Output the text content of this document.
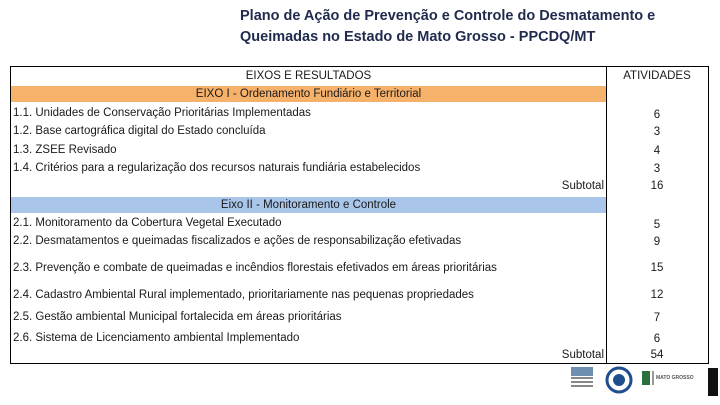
Plano de Ação de Prevenção e Controle do Desmatamento e
Queimadas no Estado de Mato Grosso - PPCDQ/MT
EIXOS E RESULTADOS	ATIVIDADES
EIXO I - Ordenamento Fundiário e Territorial
1.1. Unidades de Conservação Prioritárias Implementadas	6
1.2. Base cartográfica digital do Estado concluída	3
1.3. ZSEE Revisado	4
1.4. Critérios para a regularização dos recursos naturais fundiária estabelecidos	3
Subtotal	16
Eixo II - Monitoramento e Controle
2.1. Monitoramento da Cobertura Vegetal Executado	5
2.2. Desmatamentos e queimadas fiscalizados e ações de responsabilização efetivadas	9
2.3. Prevenção e combate de queimadas e incêndios florestais efetivados em áreas prioritárias	15
2.4. Cadastro Ambiental Rural implementado, prioritariamente nas pequenas propriedades	12
2.5. Gestão ambiental Municipal fortalecida em áreas prioritárias	7
2.6. Sistema de Licenciamento ambiental Implementado	6
Subtotal	54
MATO GROSSO
